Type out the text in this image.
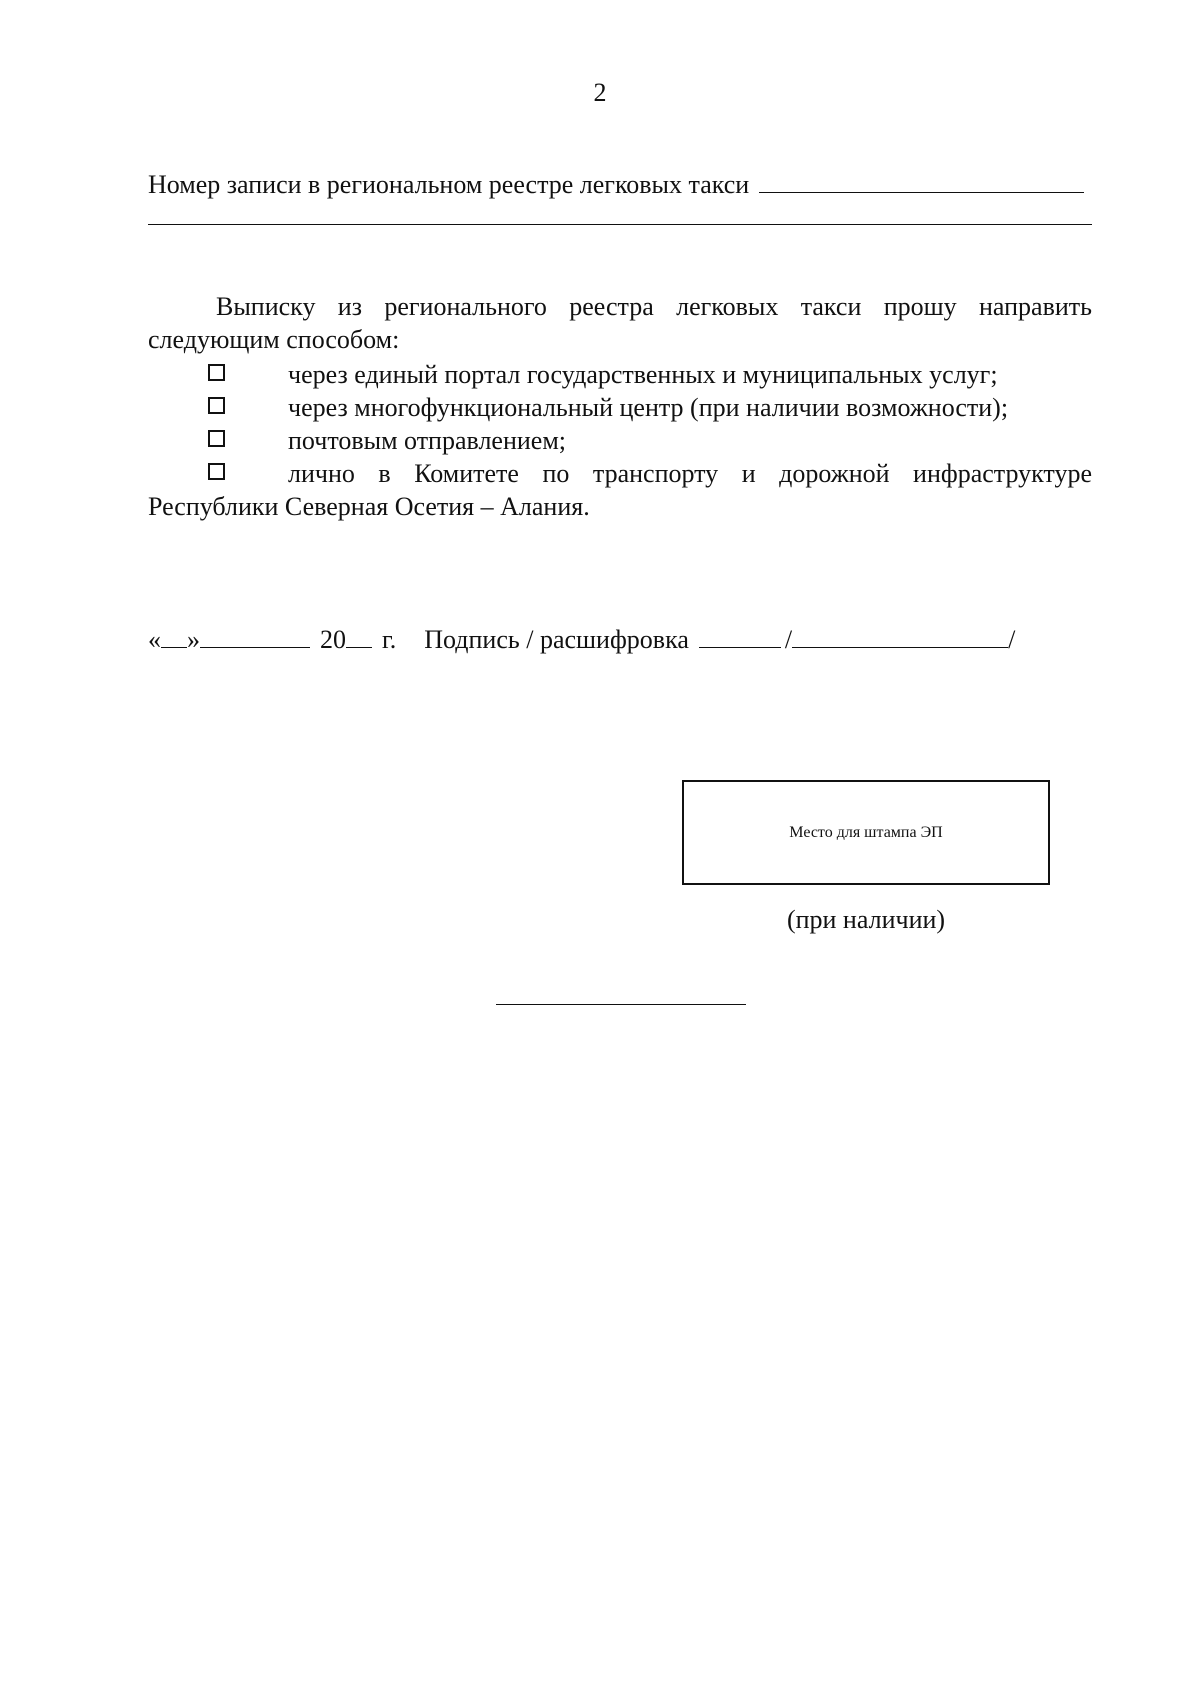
2
Номер записи в региональном реестре легковых такси
Выписку из регионального реестра легковых такси прошу направить следующим способом:
через единый портал государственных и муниципальных услуг;
через многофункциональный центр (при наличии возможности);
почтовым отправлением;
лично в Комитете по транспорту и дорожной инфраструктуре Республики Северная Осетия – Алания.
« »	20 г. Подпись / расшифровка	/	/
Место для штампа ЭП
(при наличии)
